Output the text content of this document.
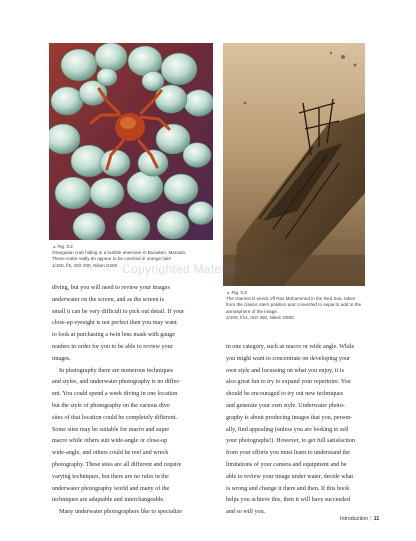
▲Fig. 0.2
Orangutan crab hiding in a bubble anemone in Bunaken, Manado.
These crabs really do appear to be covered in orange hair!
1/160, f/5, ISO 200, Nikon D200
▲Fig. 0.3
The Giannis D wreck off Ras Mohammed in the Red Sea, taken
from the classic stern position and converted to sepia to add to the
atmosphere of the image.
1/100, f/14, ISO 250, Nikon D800
Copyrighted Material
diving, but you will need to review your images
underwater on the screen, and as the screen is
small it can be very difficult to pick out detail. If your
close-up eyesight is not perfect then you may want
to look at purchasing a twin lens mask with gauge
readers in order for you to be able to review your
images.
In photography there are numerous techniques
and styles, and underwater photography is no differ-
ent. You could spend a week diving in one location
but the style of photography on the various dive
sites of that location could be completely different.
Some sites may be suitable for macro and super
macro while others suit wide-angle or close-up
wide-angle, and others could be reef and wreck
photography. These sites are all different and require
varying techniques, but there are no rules in the
underwater photography world and many of the
techniques are adaptable and interchangeable.
Many underwater photographers like to specialize
in one category, such as macro or wide angle. While
you might want to concentrate on developing your
own style and focussing on what you enjoy, it is
also great fun to try to expand your repertoire. You
should be encouraged to try out new techniques
and generate your own style. Underwater photo-
graphy is about producing images that you, person-
ally, find appealing (unless you are looking to sell
your photographs!). However, to get full satisfaction
from your efforts you must learn to understand the
limitations of your camera and equipment and be
able to review your image under water, decide what
is wrong and change it there and then. If this book
helps you achieve this, then it will have succeeded
and so will you.
Introduction | 11
